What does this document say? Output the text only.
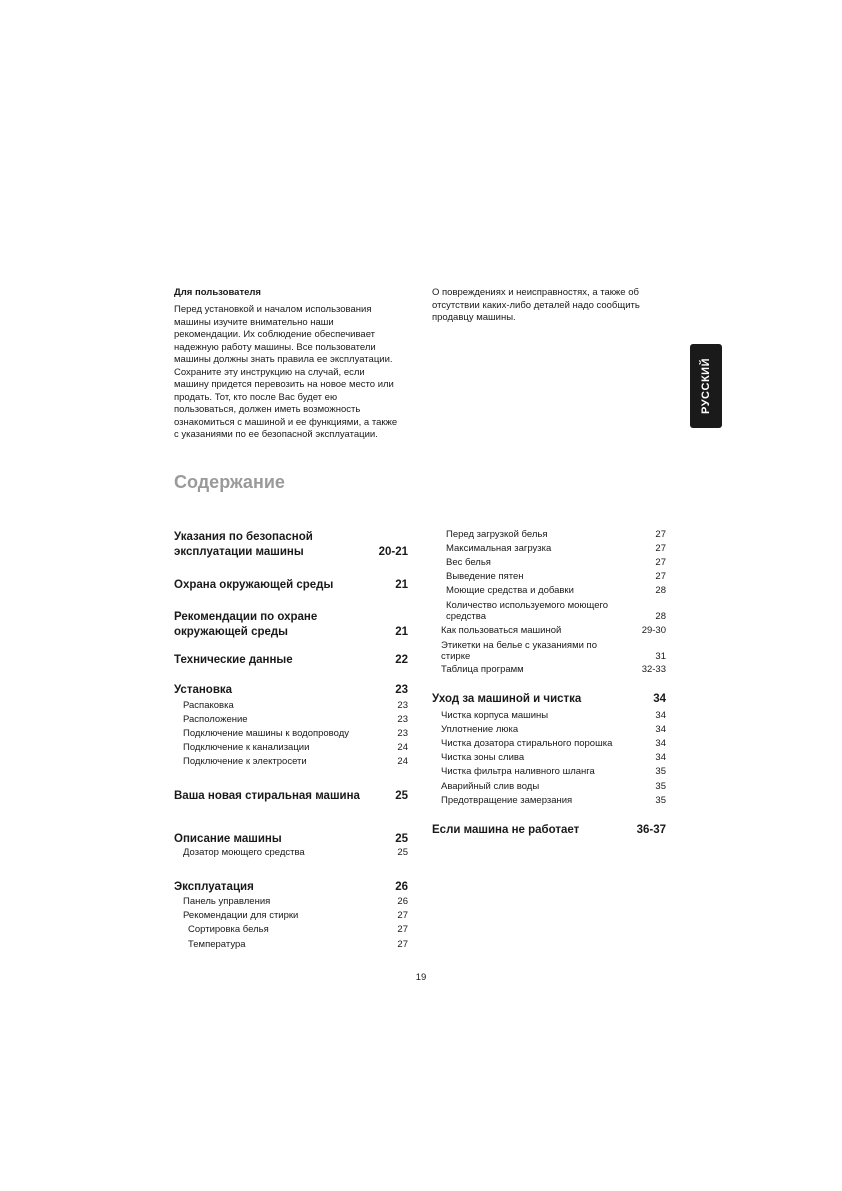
Для пользователя

Перед установкой и началом использования машины изучите внимательно наши рекомендации. Их соблюдение обеспечивает надежную работу машины. Все пользователи машины должны знать правила ее эксплуатации. Сохраните эту инструкцию на случай, если машину придется перевозить на новое место или продать. Тот, кто после Вас будет ею пользоваться, должен иметь возможность ознакомиться с машиной и ее функциями, а также с указаниями по ее безопасной эксплуатации.

О повреждениях и неисправностях, а также об отсутствии каких-либо деталей надо сообщить продавцу машины.

РУССКИЙ
Содержание
Указания по безопасной эксплуатации машины	20-21
Охрана окружающей среды	21
Рекомендации по охране окружающей среды	21
Технические данные	22
Установка	23
Распаковка	23
Расположение	23
Подключение машины к водопроводу	23
Подключение к канализации	24
Подключение к электросети	24
Ваша новая стиральная машина	25
Описание машины	25
Дозатор моющего средства	25
Эксплуатация	26
Панель управления	26
Рекомендации для стирки	27
Сортировка белья	27
Температура	27
Перед загрузкой белья	27
Максимальная загрузка	27
Вес белья	27
Выведение пятен	27
Моющие средства и добавки	28
Количество используемого моющего средства	28
Как пользоваться машиной	29-30
Этикетки на белье с указаниями по стирке	31
Таблица программ	32-33
Уход за машиной и чистка	34
Чистка корпуса машины	34
Уплотнение люка	34
Чистка дозатора стирального порошка	34
Чистка зоны слива	34
Чистка фильтра наливного шланга	35
Аварийный слив воды	35
Предотвращение замерзания	35
Если машина не работает	36-37
19
